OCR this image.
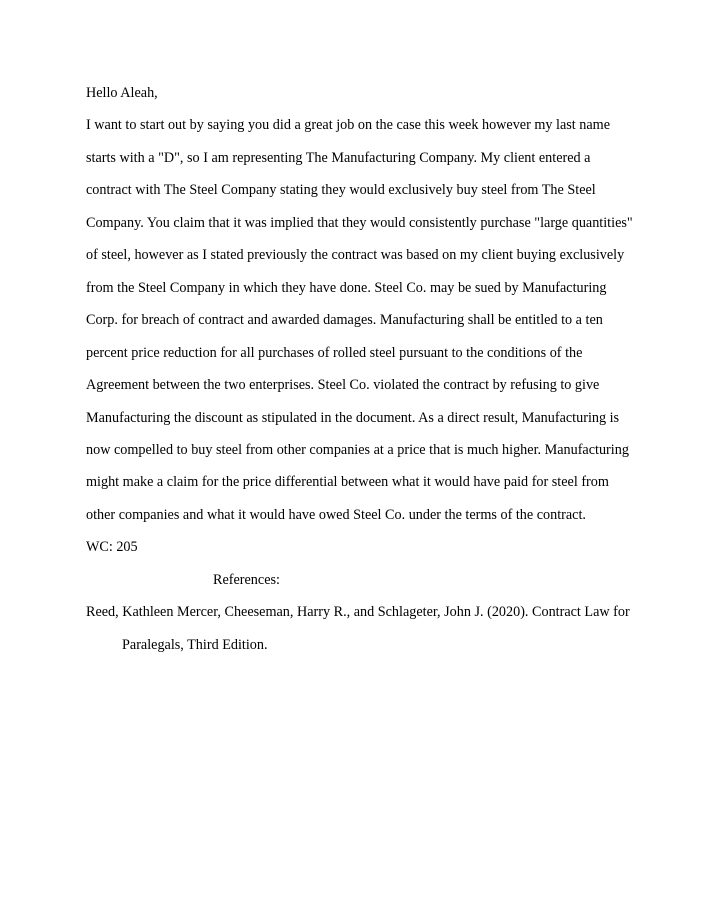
Hello Aleah,
I want to start out by saying you did a great job on the case this week however my last name
starts with a "D", so I am representing The Manufacturing Company. My client entered a
contract with The Steel Company stating they would exclusively buy steel from The Steel
Company. You claim that it was implied that they would consistently purchase "large quantities"
of steel, however as I stated previously the contract was based on my client buying exclusively
from the Steel Company in which they have done. Steel Co. may be sued by Manufacturing
Corp. for breach of contract and awarded damages. Manufacturing shall be entitled to a ten
percent price reduction for all purchases of rolled steel pursuant to the conditions of the
Agreement between the two enterprises. Steel Co. violated the contract by refusing to give
Manufacturing the discount as stipulated in the document. As a direct result, Manufacturing is
now compelled to buy steel from other companies at a price that is much higher. Manufacturing
might make a claim for the price differential between what it would have paid for steel from
other companies and what it would have owed Steel Co. under the terms of the contract.
WC: 205
References:
Reed, Kathleen Mercer, Cheeseman, Harry R., and Schlageter, John J. (2020). Contract Law for
Paralegals, Third Edition.
